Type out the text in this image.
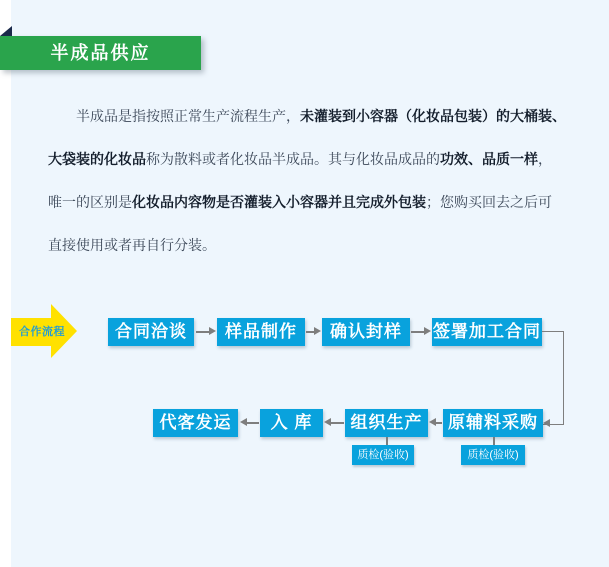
半成品供应
半成品是指按照正常生产流程生产，未灌装到小容器（化妆品包装）的大桶装、
大袋装的化妆品称为散料或者化妆品半成品。其与化妆品成品的功效、品质一样，
唯一的区别是化妆品内容物是否灌装入小容器并且完成外包装；您购买回去之后可
直接使用或者再自行分装。
合作流程	合同洽谈	样品制作	确认封样	签署加工合同
代客发运	入 库	组织生产	原辅料采购
质检(验收)	质检(验收)
